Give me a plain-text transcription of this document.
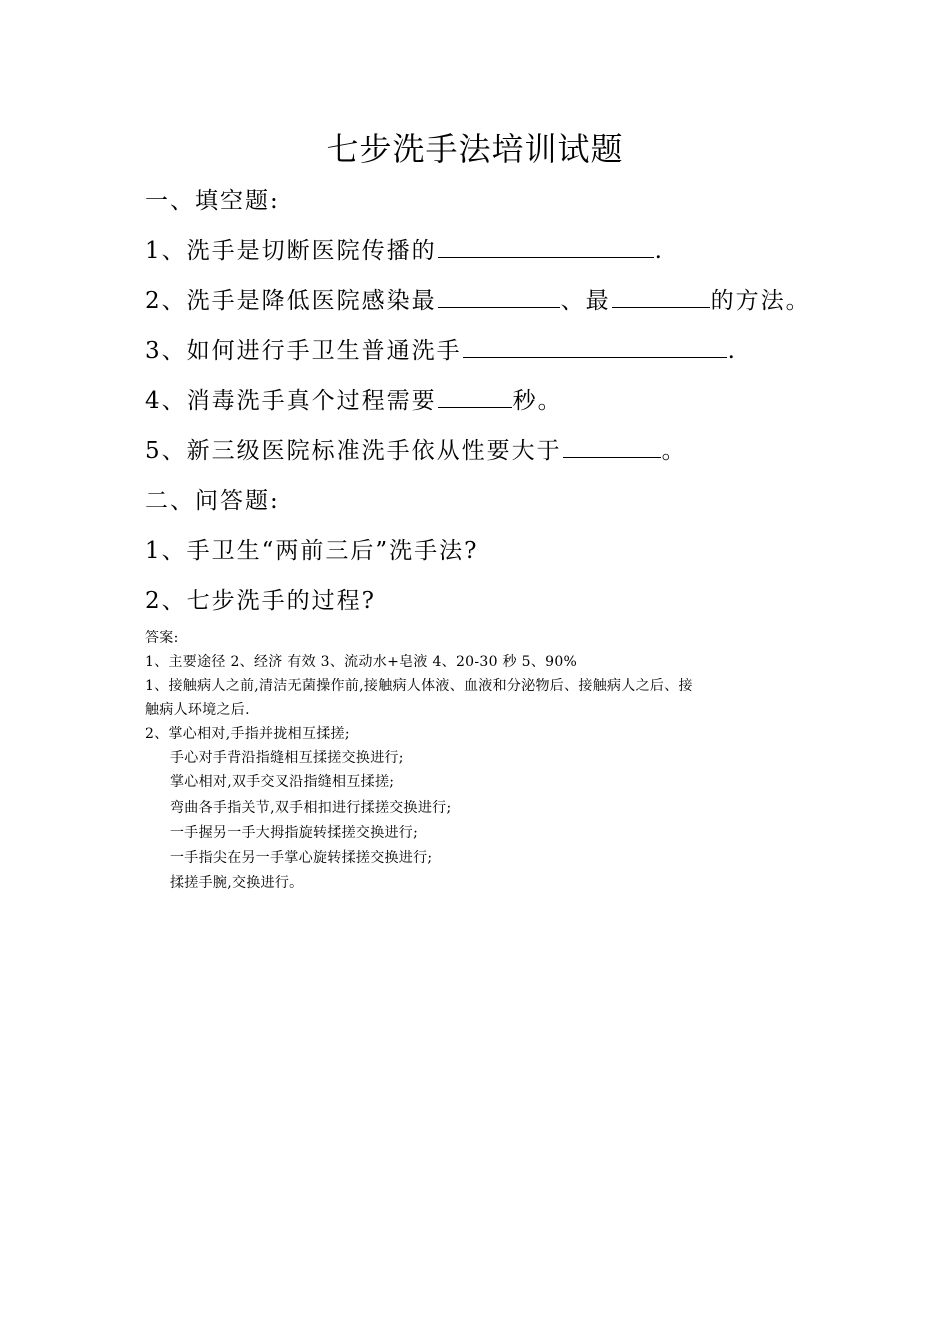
七步洗手法培训试题
一、填空题:
1、洗手是切断医院传播的	.
2、洗手是降低医院感染最	、最	的方法。
3、如何进行手卫生普通洗手	.
4、消毒洗手真个过程需要	秒。
5、新三级医院标准洗手依从性要大于	。
二、问答题:
1、手卫生“两前三后”洗手法?
2、七步洗手的过程?
答案:
1、主要途径 2、经济 有效 3、流动水+皂液 4、20-30 秒 5、90%
1、接触病人之前,清洁无菌操作前,接触病人体液、血液和分泌物后、接触病人之后、接
触病人环境之后.
2、掌心相对,手指并拢相互揉搓;
手心对手背沿指缝相互揉搓交换进行;
掌心相对,双手交叉沿指缝相互揉搓;
弯曲各手指关节,双手相扣进行揉搓交换进行;
一手握另一手大拇指旋转揉搓交换进行;
一手指尖在另一手掌心旋转揉搓交换进行;
揉搓手腕,交换进行。
